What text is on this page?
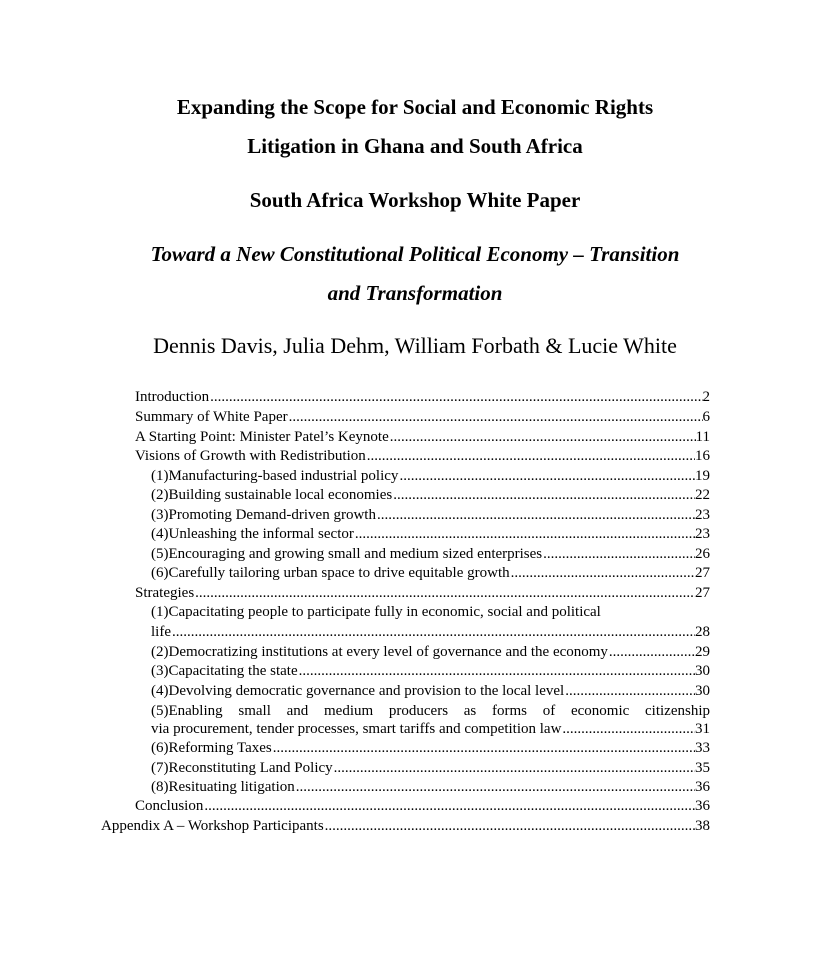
Expanding the Scope for Social and Economic Rights
Litigation in Ghana and South Africa
South Africa Workshop White Paper
Toward a New Constitutional Political Economy – Transition
and Transformation

Dennis Davis, Julia Dehm, William Forbath & Lucie White

Introduction .....	2
Summary of White Paper .....	6
A Starting Point: Minister Patel’s Keynote .....	11
Visions of Growth with Redistribution .....	16
(1)Manufacturing-based industrial policy .....	19
(2)Building sustainable local economies .....	22
(3)Promoting Demand-driven growth .....	23
(4)Unleashing the informal sector .....	23
(5)Encouraging and growing small and medium sized enterprises .....	26
(6)Carefully tailoring urban space to drive equitable growth .....	27
Strategies .....	27
(1)Capacitating people to participate fully in economic, social and political
life .....	28
(2)Democratizing institutions at every level of governance and the economy .....	29
(3)Capacitating the state .....	30
(4)Devolving democratic governance and provision to the local level .....	30
(5)Enabling small and medium producers as forms of economic citizenship
via procurement, tender processes, smart tariffs and competition law .....	31
(6)Reforming Taxes .....	33
(7)Reconstituting Land Policy .....	35
(8)Resituating litigation .....	36
Conclusion .....	36
Appendix A – Workshop Participants .....	38
